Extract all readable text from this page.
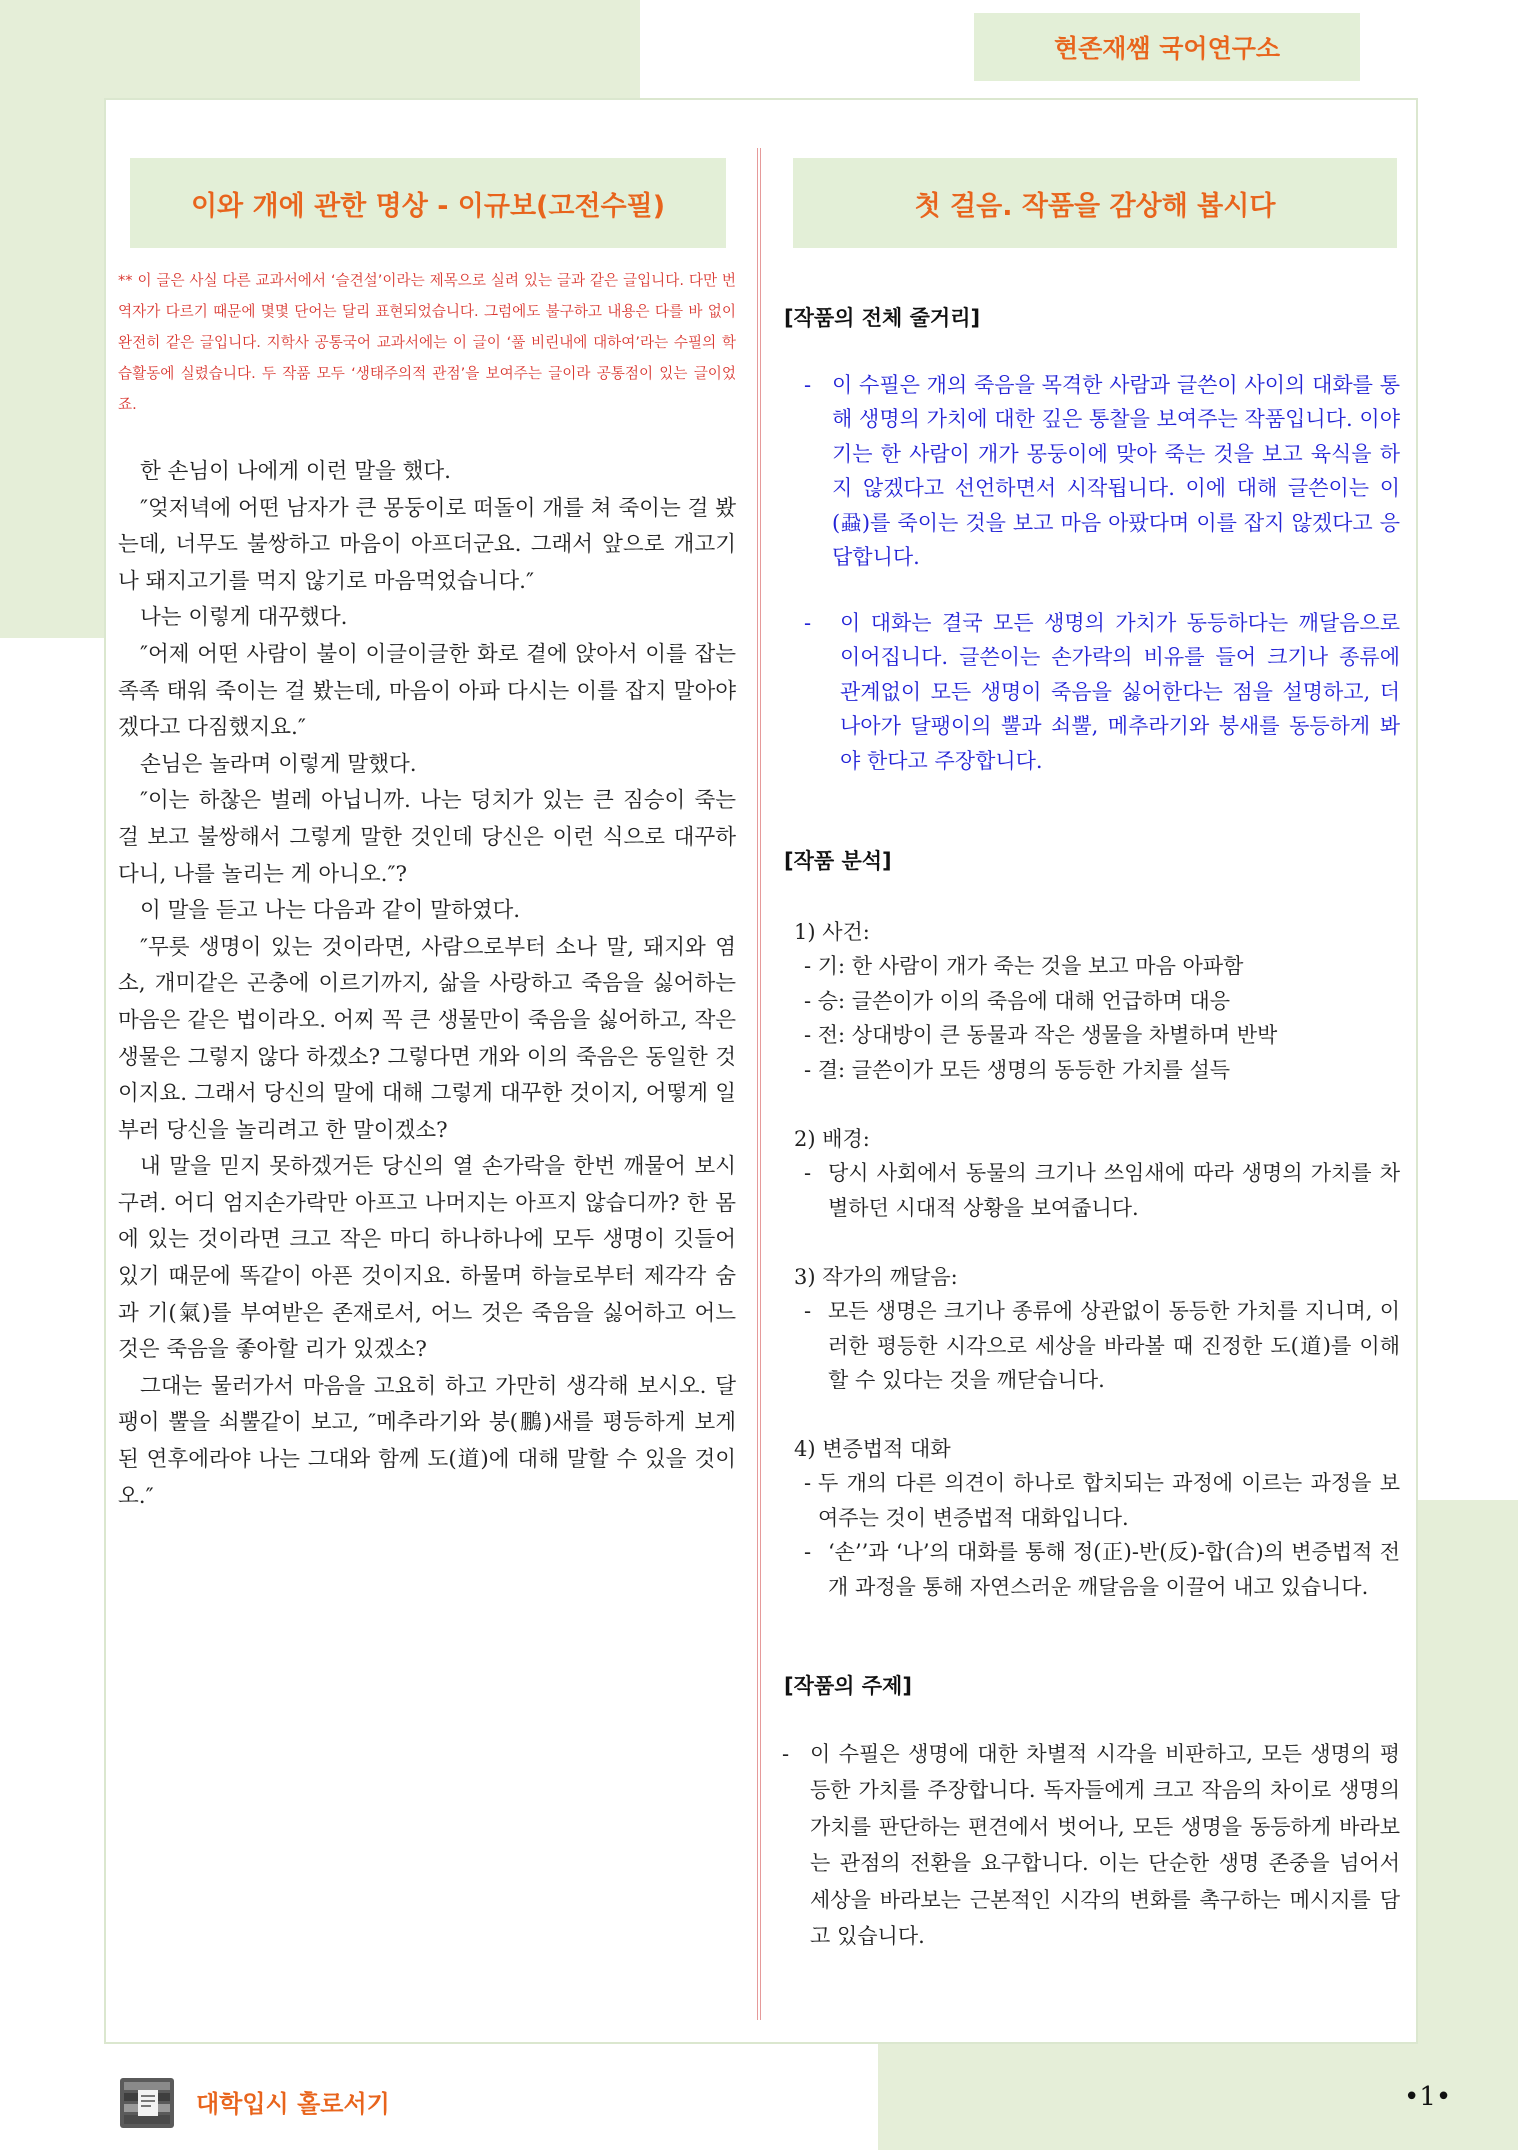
현존재쌤 국어연구소
이와 개에 관한 명상 - 이규보(고전수필)	첫 걸음. 작품을 감상해 봅시다
** 이 글은 사실 다른 교과서에서 ‘슬견설’이라는 제목으로 실려 있는 글과 같은 글입니다. 다만 번역자가 다르기 때문에 몇몇 단어는 달리 표현되었습니다. 그럼에도 불구하고 내용은 다를 바 없이 완전히 같은 글입니다. 지학사 공통국어 교과서에는 이 글이 ‘풀 비린내에 대하여’라는 수필의 학습활동에 실렸습니다. 두 작품 모두 ‘생태주의적 관점’을 보여주는 글이라 공통점이 있는 글이었죠.

한 손님이 나에게 이런 말을 했다.

″엊저녁에 어떤 남자가 큰 몽둥이로 떠돌이 개를 쳐 죽이는 걸 봤는데, 너무도 불쌍하고 마음이 아프더군요. 그래서 앞으로 개고기나 돼지고기를 먹지 않기로 마음먹었습니다.″

나는 이렇게 대꾸했다.

″어제 어떤 사람이 불이 이글이글한 화로 곁에 앉아서 이를 잡는 족족 태워 죽이는 걸 봤는데, 마음이 아파 다시는 이를 잡지 말아야겠다고 다짐했지요.″

손님은 놀라며 이렇게 말했다.

″이는 하찮은 벌레 아닙니까. 나는 덩치가 있는 큰 짐승이 죽는 걸 보고 불쌍해서 그렇게 말한 것인데 당신은 이런 식으로 대꾸하다니, 나를 놀리는 게 아니오.″?

이 말을 듣고 나는 다음과 같이 말하였다.

″무릇 생명이 있는 것이라면, 사람으로부터 소나 말, 돼지와 염소, 개미같은 곤충에 이르기까지, 삶을 사랑하고 죽음을 싫어하는 마음은 같은 법이라오. 어찌 꼭 큰 생물만이 죽음을 싫어하고, 작은 생물은 그렇지 않다 하겠소? 그렇다면 개와 이의 죽음은 동일한 것이지요. 그래서 당신의 말에 대해 그렇게 대꾸한 것이지, 어떻게 일부러 당신을 놀리려고 한 말이겠소?

내 말을 믿지 못하겠거든 당신의 열 손가락을 한번 깨물어 보시구려. 어디 엄지손가락만 아프고 나머지는 아프지 않습디까? 한 몸에 있는 것이라면 크고 작은 마디 하나하나에 모두 생명이 깃들어 있기 때문에 똑같이 아픈 것이지요. 하물며 하늘로부터 제각각 숨과 기(氣)를 부여받은 존재로서, 어느 것은 죽음을 싫어하고 어느 것은 죽음을 좋아할 리가 있겠소?

그대는 물러가서 마음을 고요히 하고 가만히 생각해 보시오. 달팽이 뿔을 쇠뿔같이 보고, ″메추라기와 붕(鵬)새를 평등하게 보게 된 연후에라야 나는 그대와 함께 도(道)에 대해 말할 수 있을 것이오.″

[작품의 전체 줄거리]
- 이 수필은 개의 죽음을 목격한 사람과 글쓴이 사이의 대화를 통해 생명의 가치에 대한 깊은 통찰을 보여주는 작품입니다. 이야기는 한 사람이 개가 몽둥이에 맞아 죽는 것을 보고 육식을 하지 않겠다고 선언하면서 시작됩니다. 이에 대해 글쓴이는 이(蝨)를 죽이는 것을 보고 마음 아팠다며 이를 잡지 않겠다고 응답합니다.
- 이 대화는 결국 모든 생명의 가치가 동등하다는 깨달음으로 이어집니다. 글쓴이는 손가락의 비유를 들어 크기나 종류에 관계없이 모든 생명이 죽음을 싫어한다는 점을 설명하고, 더 나아가 달팽이의 뿔과 쇠뿔, 메추라기와 붕새를 동등하게 봐야 한다고 주장합니다.
[작품 분석]
1) 사건:
- 기: 한 사람이 개가 죽는 것을 보고 마음 아파함
- 승: 글쓴이가 이의 죽음에 대해 언급하며 대응
- 전: 상대방이 큰 동물과 작은 생물을 차별하며 반박
- 결: 글쓴이가 모든 생명의 동등한 가치를 설득
2) 배경:
- 당시 사회에서 동물의 크기나 쓰임새에 따라 생명의 가치를 차별하던 시대적 상황을 보여줍니다.
3) 작가의 깨달음:
- 모든 생명은 크기나 종류에 상관없이 동등한 가치를 지니며, 이러한 평등한 시각으로 세상을 바라볼 때 진정한 도(道)를 이해할 수 있다는 것을 깨닫습니다.
4) 변증법적 대화
- 두 개의 다른 의견이 하나로 합치되는 과정에 이르는 과정을 보여주는 것이 변증법적 대화입니다.
- ‘손’’과 ‘나’의 대화를 통해 정(正)-반(反)-합(合)의 변증법적 전개 과정을 통해 자연스러운 깨달음을 이끌어 내고 있습니다.
[작품의 주제]
- 이 수필은 생명에 대한 차별적 시각을 비판하고, 모든 생명의 평등한 가치를 주장합니다. 독자들에게 크고 작음의 차이로 생명의 가치를 판단하는 편견에서 벗어나, 모든 생명을 동등하게 바라보는 관점의 전환을 요구합니다. 이는 단순한 생명 존중을 넘어서 세상을 바라보는 근본적인 시각의 변화를 촉구하는 메시지를 담고 있습니다.
대학입시 홀로서기	•1•
